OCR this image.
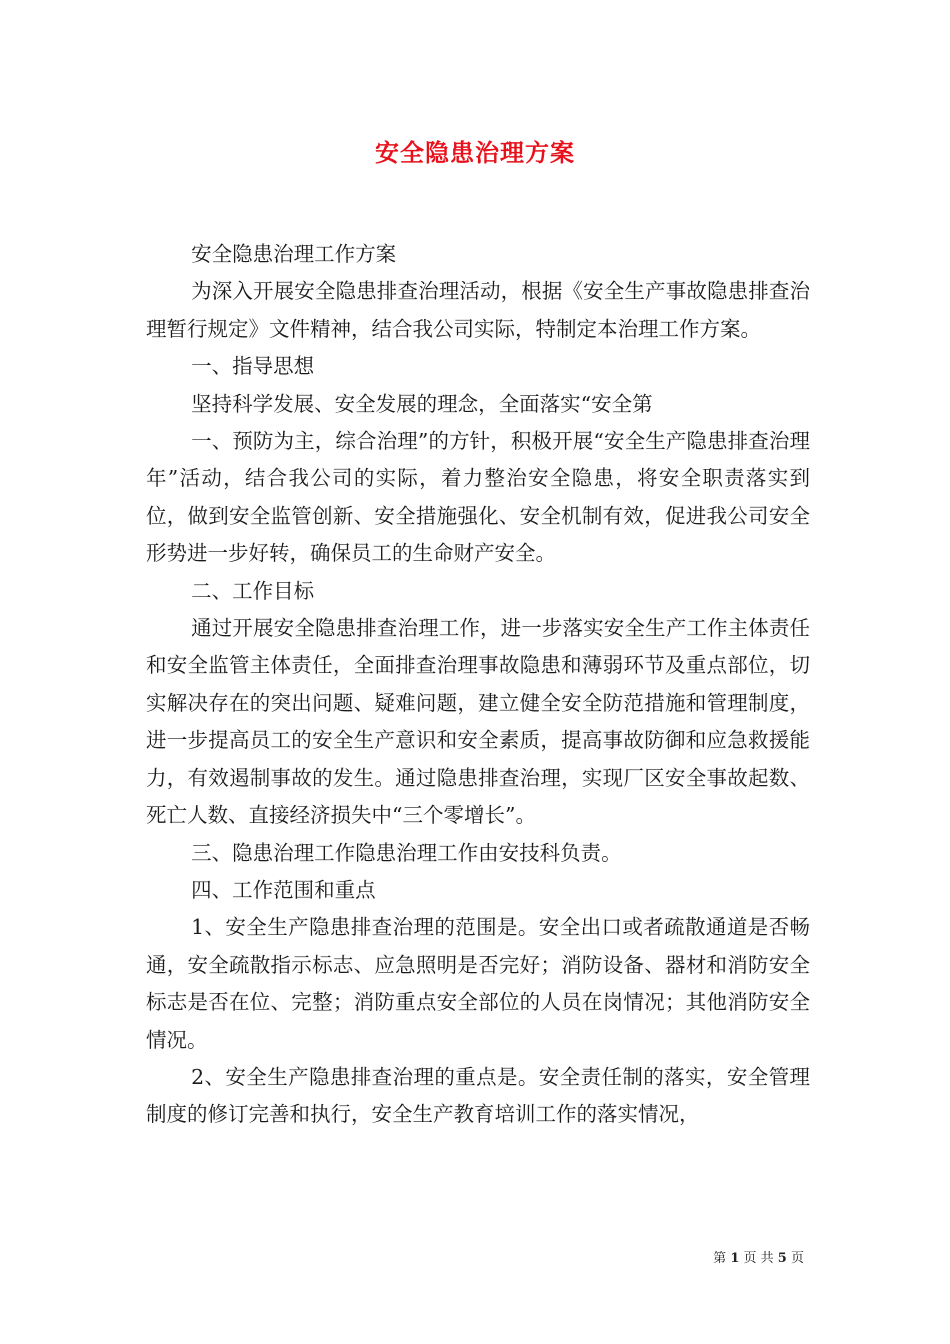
安全隐患治理方案

安全隐患治理工作方案

为深入开展安全隐患排查治理活动，根据《安全生产事故隐患排查治理暂行规定》文件精神，结合我公司实际，特制定本治理工作方案。

一、指导思想

坚持科学发展、安全发展的理念，全面落实“安全第

一、预防为主，综合治理”的方针，积极开展“安全生产隐患排查治理年”活动，结合我公司的实际，着力整治安全隐患，将安全职责落实到位，做到安全监管创新、安全措施强化、安全机制有效，促进我公司安全形势进一步好转，确保员工的生命财产安全。

二、工作目标

通过开展安全隐患排查治理工作，进一步落实安全生产工作主体责任和安全监管主体责任，全面排查治理事故隐患和薄弱环节及重点部位，切实解决存在的突出问题、疑难问题，建立健全安全防范措施和管理制度，进一步提高员工的安全生产意识和安全素质，提高事故防御和应急救援能力，有效遏制事故的发生。通过隐患排查治理，实现厂区安全事故起数、死亡人数、直接经济损失中“三个零增长”。

三、隐患治理工作隐患治理工作由安技科负责。

四、工作范围和重点

1、安全生产隐患排查治理的范围是。安全出口或者疏散通道是否畅通，安全疏散指示标志、应急照明是否完好；消防设备、器材和消防安全标志是否在位、完整；消防重点安全部位的人员在岗情况；其他消防安全情况。

2、安全生产隐患排查治理的重点是。安全责任制的落实，安全管理制度的修订完善和执行，安全生产教育培训工作的落实情况，

第 1 页 共 5 页
